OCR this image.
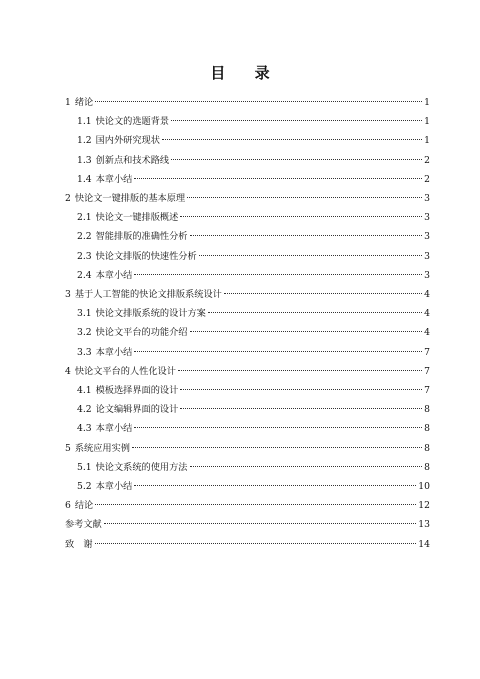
目 录
1 绪论	1
1.1 快论文的选题背景	1
1.2 国内外研究现状	1
1.3 创新点和技术路线	2
1.4 本章小结	2
2 快论文一键排版的基本原理	3
2.1 快论文一键排版概述	3
2.2 智能排版的准确性分析	3
2.3 快论文排版的快速性分析	3
2.4 本章小结	3
3 基于人工智能的快论文排版系统设计	4
3.1 快论文排版系统的设计方案	4
3.2 快论文平台的功能介绍	4
3.3 本章小结	7
4 快论文平台的人性化设计	7
4.1 模板选择界面的设计	7
4.2 论文编辑界面的设计	8
4.3 本章小结	8
5 系统应用实例	8
5.1 快论文系统的使用方法	8
5.2 本章小结	10
6 结论	12
参考文献	13
致　谢	14
